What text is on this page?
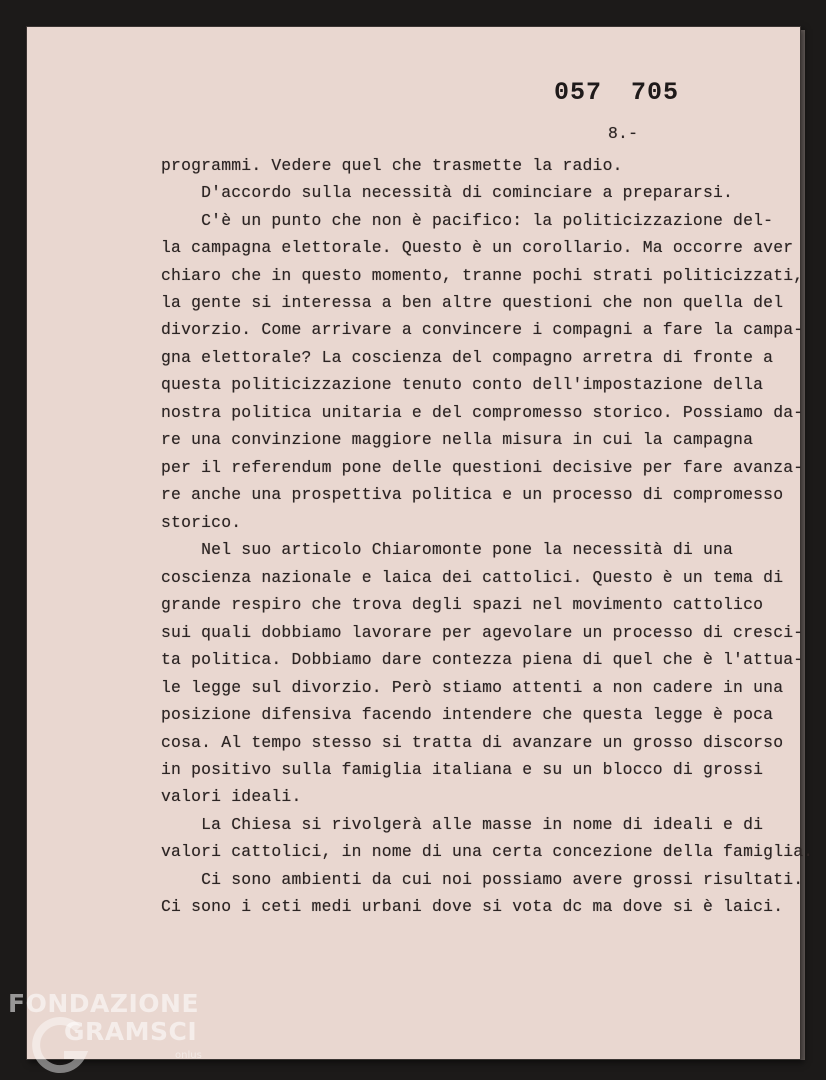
057 705
8.-
programmi. Vedere quel che trasmette la radio.
D'accordo sulla necessità di cominciare a prepararsi.
C'è un punto che non è pacifico: la politicizzazione del-
la campagna elettorale. Questo è un corollario. Ma occorre aver
chiaro che in questo momento, tranne pochi strati politicizzati,
la gente si interessa a ben altre questioni che non quella del
divorzio. Come arrivare a convincere i compagni a fare la campa-
gna elettorale? La coscienza del compagno arretra di fronte a
questa politicizzazione tenuto conto dell'impostazione della
nostra politica unitaria e del compromesso storico. Possiamo da-
re una convinzione maggiore nella misura in cui la campagna
per il referendum pone delle questioni decisive per fare avanza-
re anche una prospettiva politica e un processo di compromesso
storico.
Nel suo articolo Chiaromonte pone la necessità di una
coscienza nazionale e laica dei cattolici. Questo è un tema di
grande respiro che trova degli spazi nel movimento cattolico
sui quali dobbiamo lavorare per agevolare un processo di cresci-
ta politica. Dobbiamo dare contezza piena di quel che è l'attua-
le legge sul divorzio. Però stiamo attenti a non cadere in una
posizione difensiva facendo intendere che questa legge è poca
cosa. Al tempo stesso si tratta di avanzare un grosso discorso
in positivo sulla famiglia italiana e su un blocco di grossi
valori ideali.
La Chiesa si rivolgerà alle masse in nome di ideali e di
valori cattolici, in nome di una certa concezione della famiglia.
Ci sono ambienti da cui noi possiamo avere grossi risultati.
Ci sono i ceti medi urbani dove si vota dc ma dove si è laici.
FONDAZIONE
GRAMSCI
onlus
